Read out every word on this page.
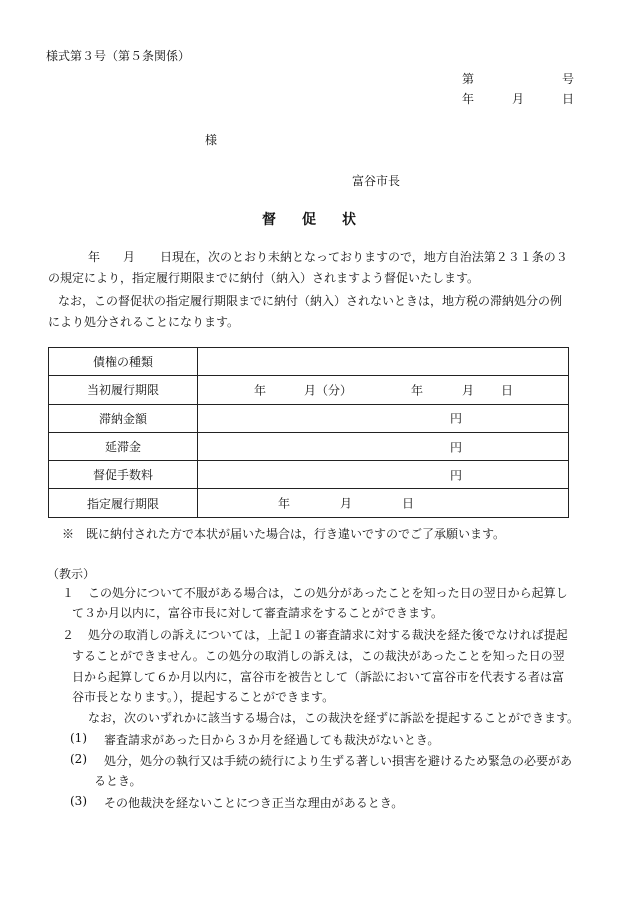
様式第３号（第５条関係）
第	号
年	月	日
様
富谷市長
督 促 状
年 月 日現在，次のとおり未納となっておりますので，地方自治法第２３１条の３
の規定により，指定履行期限までに納付（納入）されますよう督促いたします。
なお，この督促状の指定履行期限までに納付（納入）されないときは，地方税の滞納処分の例
により処分されることになります。
債権の種類	
当初履行期限	年 月（分） 年 月 日

滞納金額	円

延滞金	円

督促手数料	円

指定履行期限	年 月 日
※　既に納付された方で本状が届いた場合は，行き違いですのでご了承願います。
（教示）
１ この処分について不服がある場合は，この処分があったことを知った日の翌日から起算し
て３か月以内に，富谷市長に対して審査請求をすることができます。
２ 処分の取消しの訴えについては，上記１の審査請求に対する裁決を経た後でなければ提起
することができません。この処分の取消しの訴えは，この裁決があったことを知った日の翌
日から起算して６か月以内に，富谷市を被告として（訴訟において富谷市を代表する者は富
谷市長となります。），提起することができます。
なお，次のいずれかに該当する場合は，この裁決を経ずに訴訟を提起することができます。
(1) 審査請求があった日から３か月を経過しても裁決がないとき。
(2) 処分，処分の執行又は手続の続行により生ずる著しい損害を避けるため緊急の必要があ
るとき。
(3) その他裁決を経ないことにつき正当な理由があるとき。
